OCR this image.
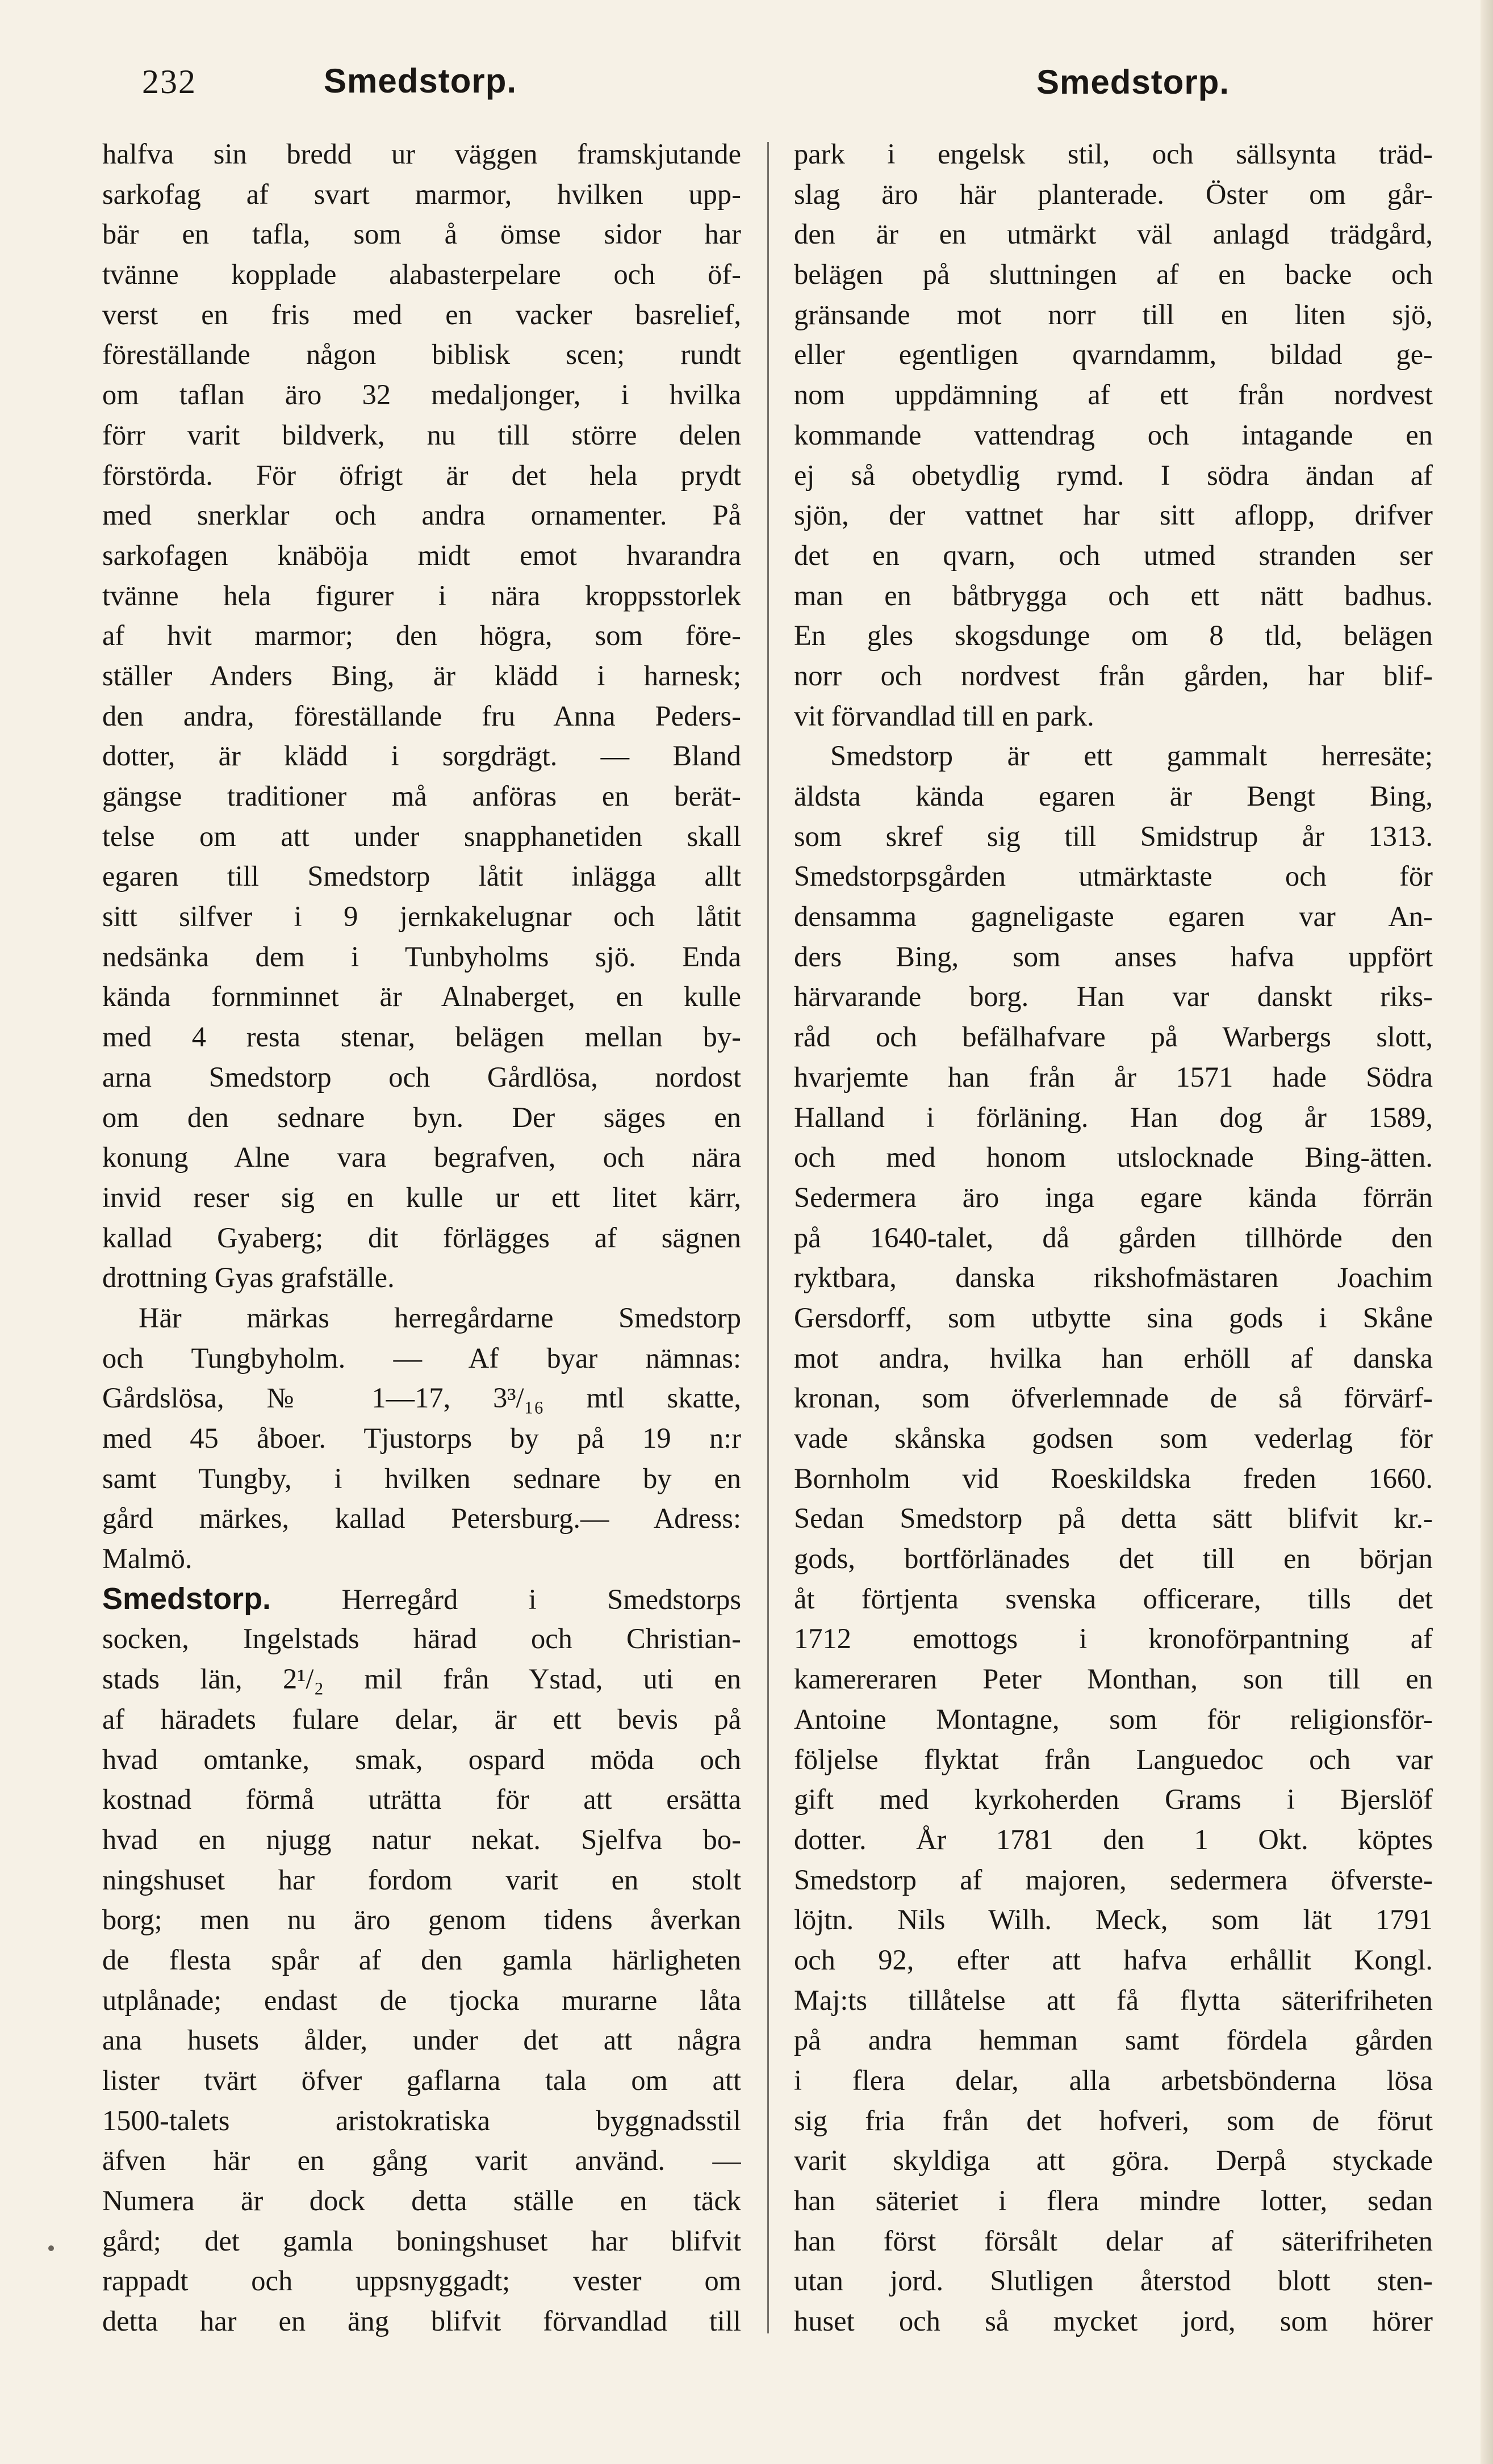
232	Smedstorp.	Smedstorp.
halfva sin bredd ur väggen framskjutande
sarkofag af svart marmor, hvilken upp-
bär en tafla, som å ömse sidor har
tvänne kopplade alabasterpelare och öf-
verst en fris med en vacker basrelief,
föreställande någon biblisk scen; rundt
om taflan äro 32 medaljonger, i hvilka
förr varit bildverk, nu till större delen
förstörda. För öfrigt är det hela prydt
med snerklar och andra ornamenter. På
sarkofagen knäböja midt emot hvarandra
tvänne hela figurer i nära kroppsstorlek
af hvit marmor; den högra, som före-
ställer Anders Bing, är klädd i harnesk;
den andra, föreställande fru Anna Peders-
dotter, är klädd i sorgdrägt. — Bland
gängse traditioner må anföras en berät-
telse om att under snapphanetiden skall
egaren till Smedstorp låtit inlägga allt
sitt silfver i 9 jernkakelugnar och låtit
nedsänka dem i Tunbyholms sjö. Enda
kända fornminnet är Alnaberget, en kulle
med 4 resta stenar, belägen mellan by-
arna Smedstorp och Gårdlösa, nordost
om den sednare byn. Der säges en
konung Alne vara begrafven, och nära
invid reser sig en kulle ur ett litet kärr,
kallad Gyaberg; dit förlägges af sägnen
drottning Gyas grafställe.
Här märkas herregårdarne Smedstorp
och Tungbyholm. — Af byar nämnas:
Gårdslösa, № 1—17, 3³/₁₆ mtl skatte,
med 45 åboer. Tjustorps by på 19 n:r
samt Tungby, i hvilken sednare by en
gård märkes, kallad Petersburg.— Adress:
Malmö.
Smedstorp. Herregård i Smedstorps
socken, Ingelstads härad och Christian-
stads län, 2¹/₂ mil från Ystad, uti en
af häradets fulare delar, är ett bevis på
hvad omtanke, smak, ospard möda och
kostnad förmå uträtta för att ersätta
hvad en njugg natur nekat. Sjelfva bo-
ningshuset har fordom varit en stolt
borg; men nu äro genom tidens åverkan
de flesta spår af den gamla härligheten
utplånade; endast de tjocka murarne låta
ana husets ålder, under det att några
lister tvärt öfver gaflarna tala om att
1500-talets aristokratiska byggnadsstil
äfven här en gång varit använd. —
Numera är dock detta ställe en täck
gård; det gamla boningshuset har blifvit
rappadt och uppsnyggadt; vester om
detta har en äng blifvit förvandlad till
park i engelsk stil, och sällsynta träd-
slag äro här planterade. Öster om går-
den är en utmärkt väl anlagd trädgård,
belägen på sluttningen af en backe och
gränsande mot norr till en liten sjö,
eller egentligen qvarndamm, bildad ge-
nom uppdämning af ett från nordvest
kommande vattendrag och intagande en
ej så obetydlig rymd. I södra ändan af
sjön, der vattnet har sitt aflopp, drifver
det en qvarn, och utmed stranden ser
man en båtbrygga och ett nätt badhus.
En gles skogsdunge om 8 tld, belägen
norr och nordvest från gården, har blif-
vit förvandlad till en park.
Smedstorp är ett gammalt herresäte;
äldsta kända egaren är Bengt Bing,
som skref sig till Smidstrup år 1313.
Smedstorpsgården utmärktaste och för
densamma gagneligaste egaren var An-
ders Bing, som anses hafva uppfört
härvarande borg. Han var danskt riks-
råd och befälhafvare på Warbergs slott,
hvarjemte han från år 1571 hade Södra
Halland i förläning. Han dog år 1589,
och med honom utslocknade Bing-ätten.
Sedermera äro inga egare kända förrän
på 1640-talet, då gården tillhörde den
ryktbara, danska rikshofmästaren Joachim
Gersdorff, som utbytte sina gods i Skåne
mot andra, hvilka han erhöll af danska
kronan, som öfverlemnade de så förvärf-
vade skånska godsen som vederlag för
Bornholm vid Roeskildska freden 1660.
Sedan Smedstorp på detta sätt blifvit kr.-
gods, bortförlänades det till en början
åt förtjenta svenska officerare, tills det
1712 emottogs i kronoförpantning af
kamereraren Peter Monthan, son till en
Antoine Montagne, som för religionsför-
följelse flyktat från Languedoc och var
gift med kyrkoherden Grams i Bjerslöf
dotter. År 1781 den 1 Okt. köptes
Smedstorp af majoren, sedermera öfverste-
löjtn. Nils Wilh. Meck, som lät 1791
och 92, efter att hafva erhållit Kongl.
Maj:ts tillåtelse att få flytta säterifriheten
på andra hemman samt fördela gården
i flera delar, alla arbetsbönderna lösa
sig fria från det hofveri, som de förut
varit skyldiga att göra. Derpå styckade
han säteriet i flera mindre lotter, sedan
han först försålt delar af säterifriheten
utan jord. Slutligen återstod blott sten-
huset och så mycket jord, som hörer
